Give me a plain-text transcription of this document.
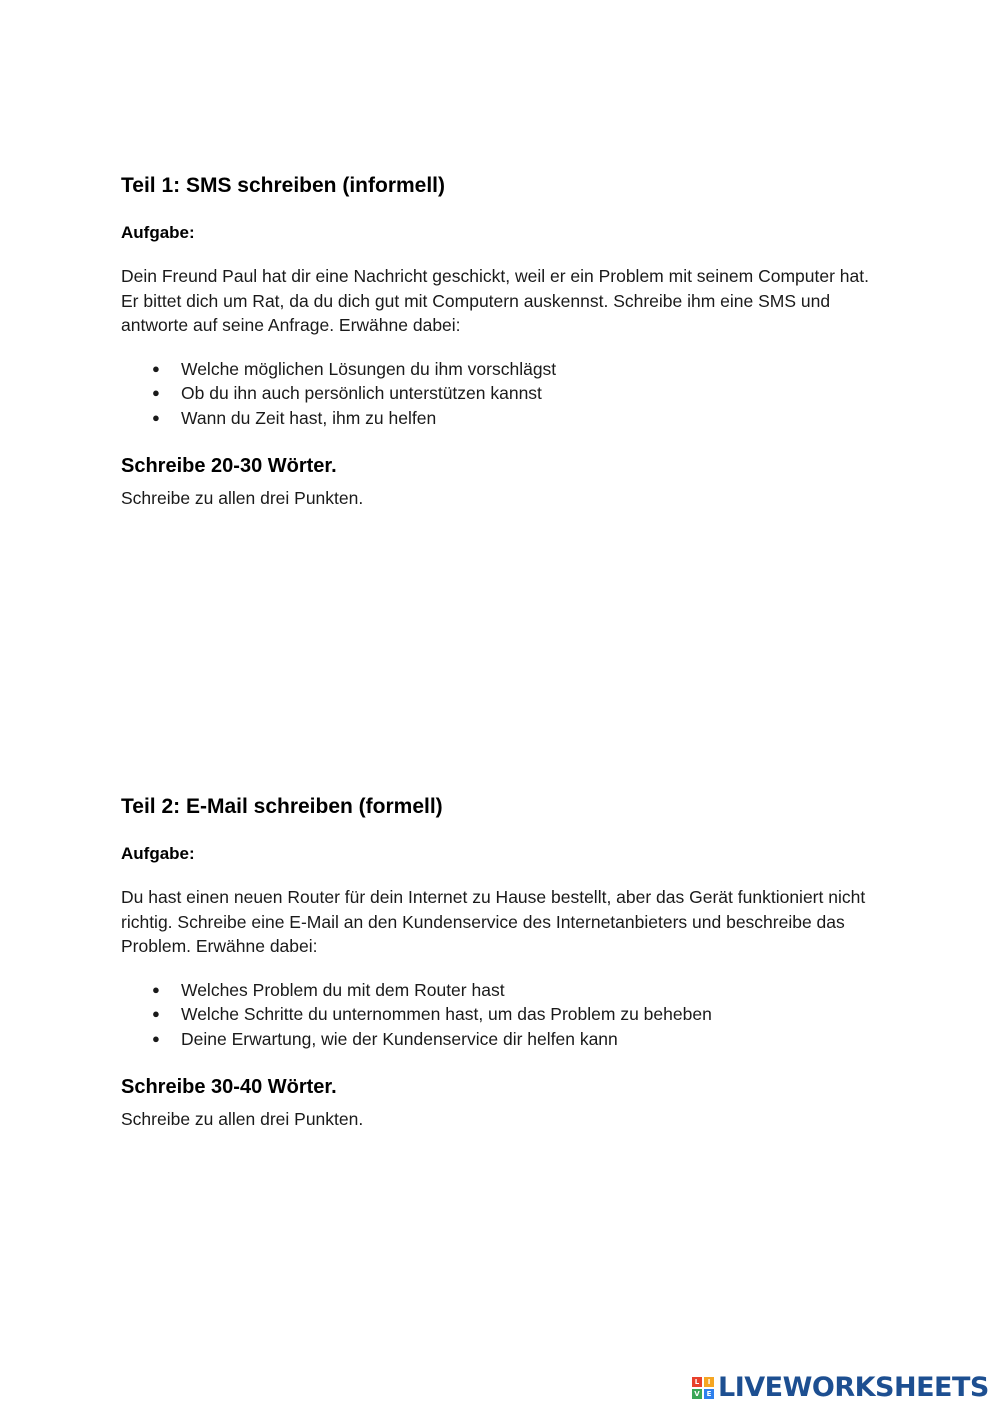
Teil 1: SMS schreiben (informell)

Aufgabe:

Dein Freund Paul hat dir eine Nachricht geschickt, weil er ein Problem mit seinem Computer hat. Er bittet dich um Rat, da du dich gut mit Computern auskennst. Schreibe ihm eine SMS und antworte auf seine Anfrage. Erwähne dabei:

● Welche möglichen Lösungen du ihm vorschlägst
● Ob du ihn auch persönlich unterstützen kannst
● Wann du Zeit hast, ihm zu helfen
Schreibe 20-30 Wörter.

Schreibe zu allen drei Punkten.

Teil 2: E-Mail schreiben (formell)

Aufgabe:

Du hast einen neuen Router für dein Internet zu Hause bestellt, aber das Gerät funktioniert nicht richtig. Schreibe eine E-Mail an den Kundenservice des Internetanbieters und beschreibe das Problem. Erwähne dabei:

● Welches Problem du mit dem Router hast
● Welche Schritte du unternommen hast, um das Problem zu beheben
● Deine Erwartung, wie der Kundenservice dir helfen kann
Schreibe 30-40 Wörter.

Schreibe zu allen drei Punkten.

L	I
V E LIVEWORKSHEETS
